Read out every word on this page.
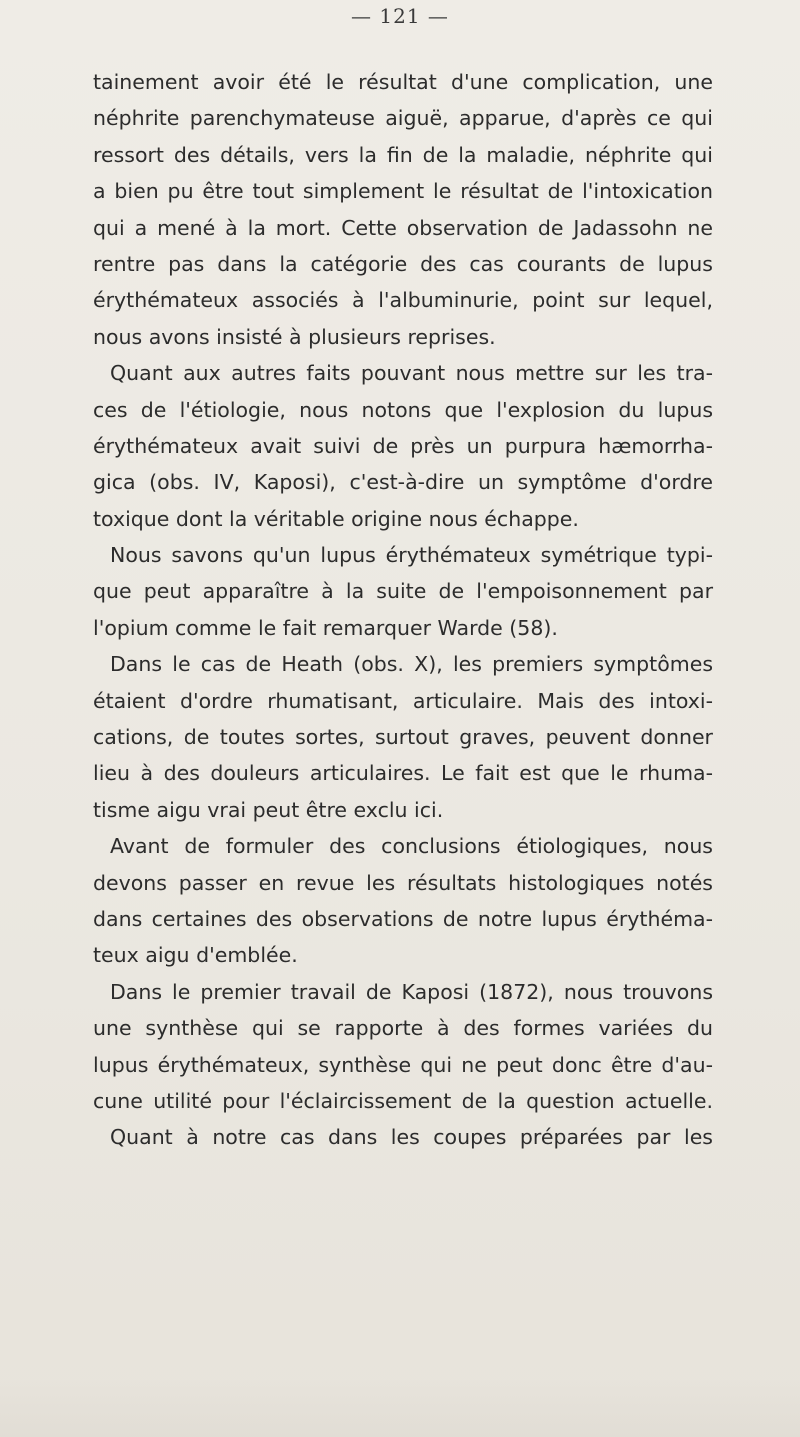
— 121 —
tainement avoir été le résultat d'une complication, une
néphrite parenchymateuse aiguë, apparue, d'après ce qui
ressort des détails, vers la fin de la maladie, néphrite qui
a bien pu être tout simplement le résultat de l'intoxication
qui a mené à la mort. Cette observation de Jadassohn ne
rentre pas dans la catégorie des cas courants de lupus
érythémateux associés à l'albuminurie, point sur lequel,
nous avons insisté à plusieurs reprises.
Quant aux autres faits pouvant nous mettre sur les tra-
ces de l'étiologie, nous notons que l'explosion du lupus
érythémateux avait suivi de près un purpura hæmorrha-
gica (obs. IV, Kaposi), c'est-à-dire un symptôme d'ordre
toxique dont la véritable origine nous échappe.
Nous savons qu'un lupus érythémateux symétrique typi-
que peut apparaître à la suite de l'empoisonnement par
l'opium comme le fait remarquer Warde (58).
Dans le cas de Heath (obs. X), les premiers symptômes
étaient d'ordre rhumatisant, articulaire. Mais des intoxi-
cations, de toutes sortes, surtout graves, peuvent donner
lieu à des douleurs articulaires. Le fait est que le rhuma-
tisme aigu vrai peut être exclu ici.
Avant de formuler des conclusions étiologiques, nous
devons passer en revue les résultats histologiques notés
dans certaines des observations de notre lupus érythéma-
teux aigu d'emblée.
Dans le premier travail de Kaposi (1872), nous trouvons
une synthèse qui se rapporte à des formes variées du
lupus érythémateux, synthèse qui ne peut donc être d'au-
cune utilité pour l'éclaircissement de la question actuelle.
Quant à notre cas dans les coupes préparées par les
